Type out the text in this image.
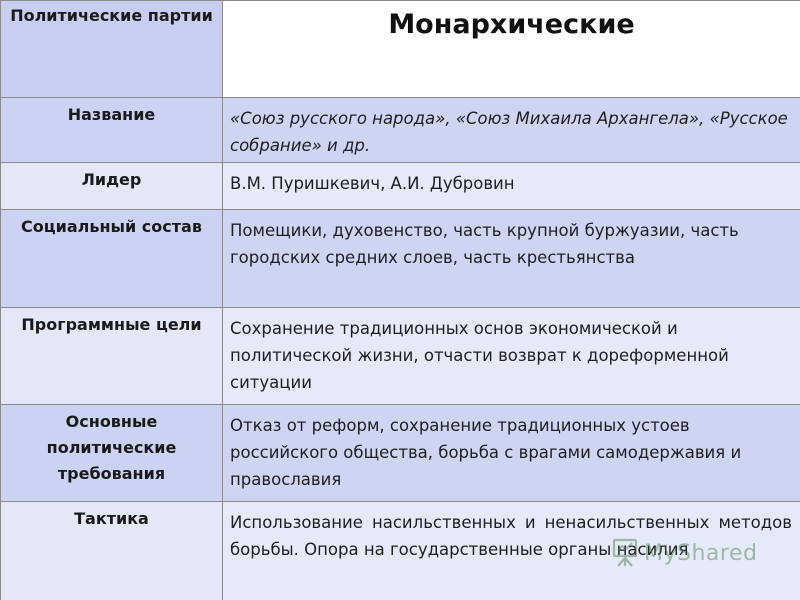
Политические партии	Монархические

Название	«Союз русского народа», «Союз Михаила Архангела», «Русское собрание» и др.

Лидер	В.М. Пуришкевич, А.И. Дубровин

Социальный состав	Помещики, духовенство, часть крупной буржуазии, часть городских средних слоев, часть крестьянства

Программные цели	Сохранение традиционных основ экономической и политической жизни, отчасти возврат к дореформенной ситуации

Основные политические требования	Отказ от реформ, сохранение традиционных устоев российского общества, борьба с врагами самодержавия и православия

Тактика	Использование насильственных и ненасильственных методов борьбы. Опора на государственные органы насилия
MyShared
